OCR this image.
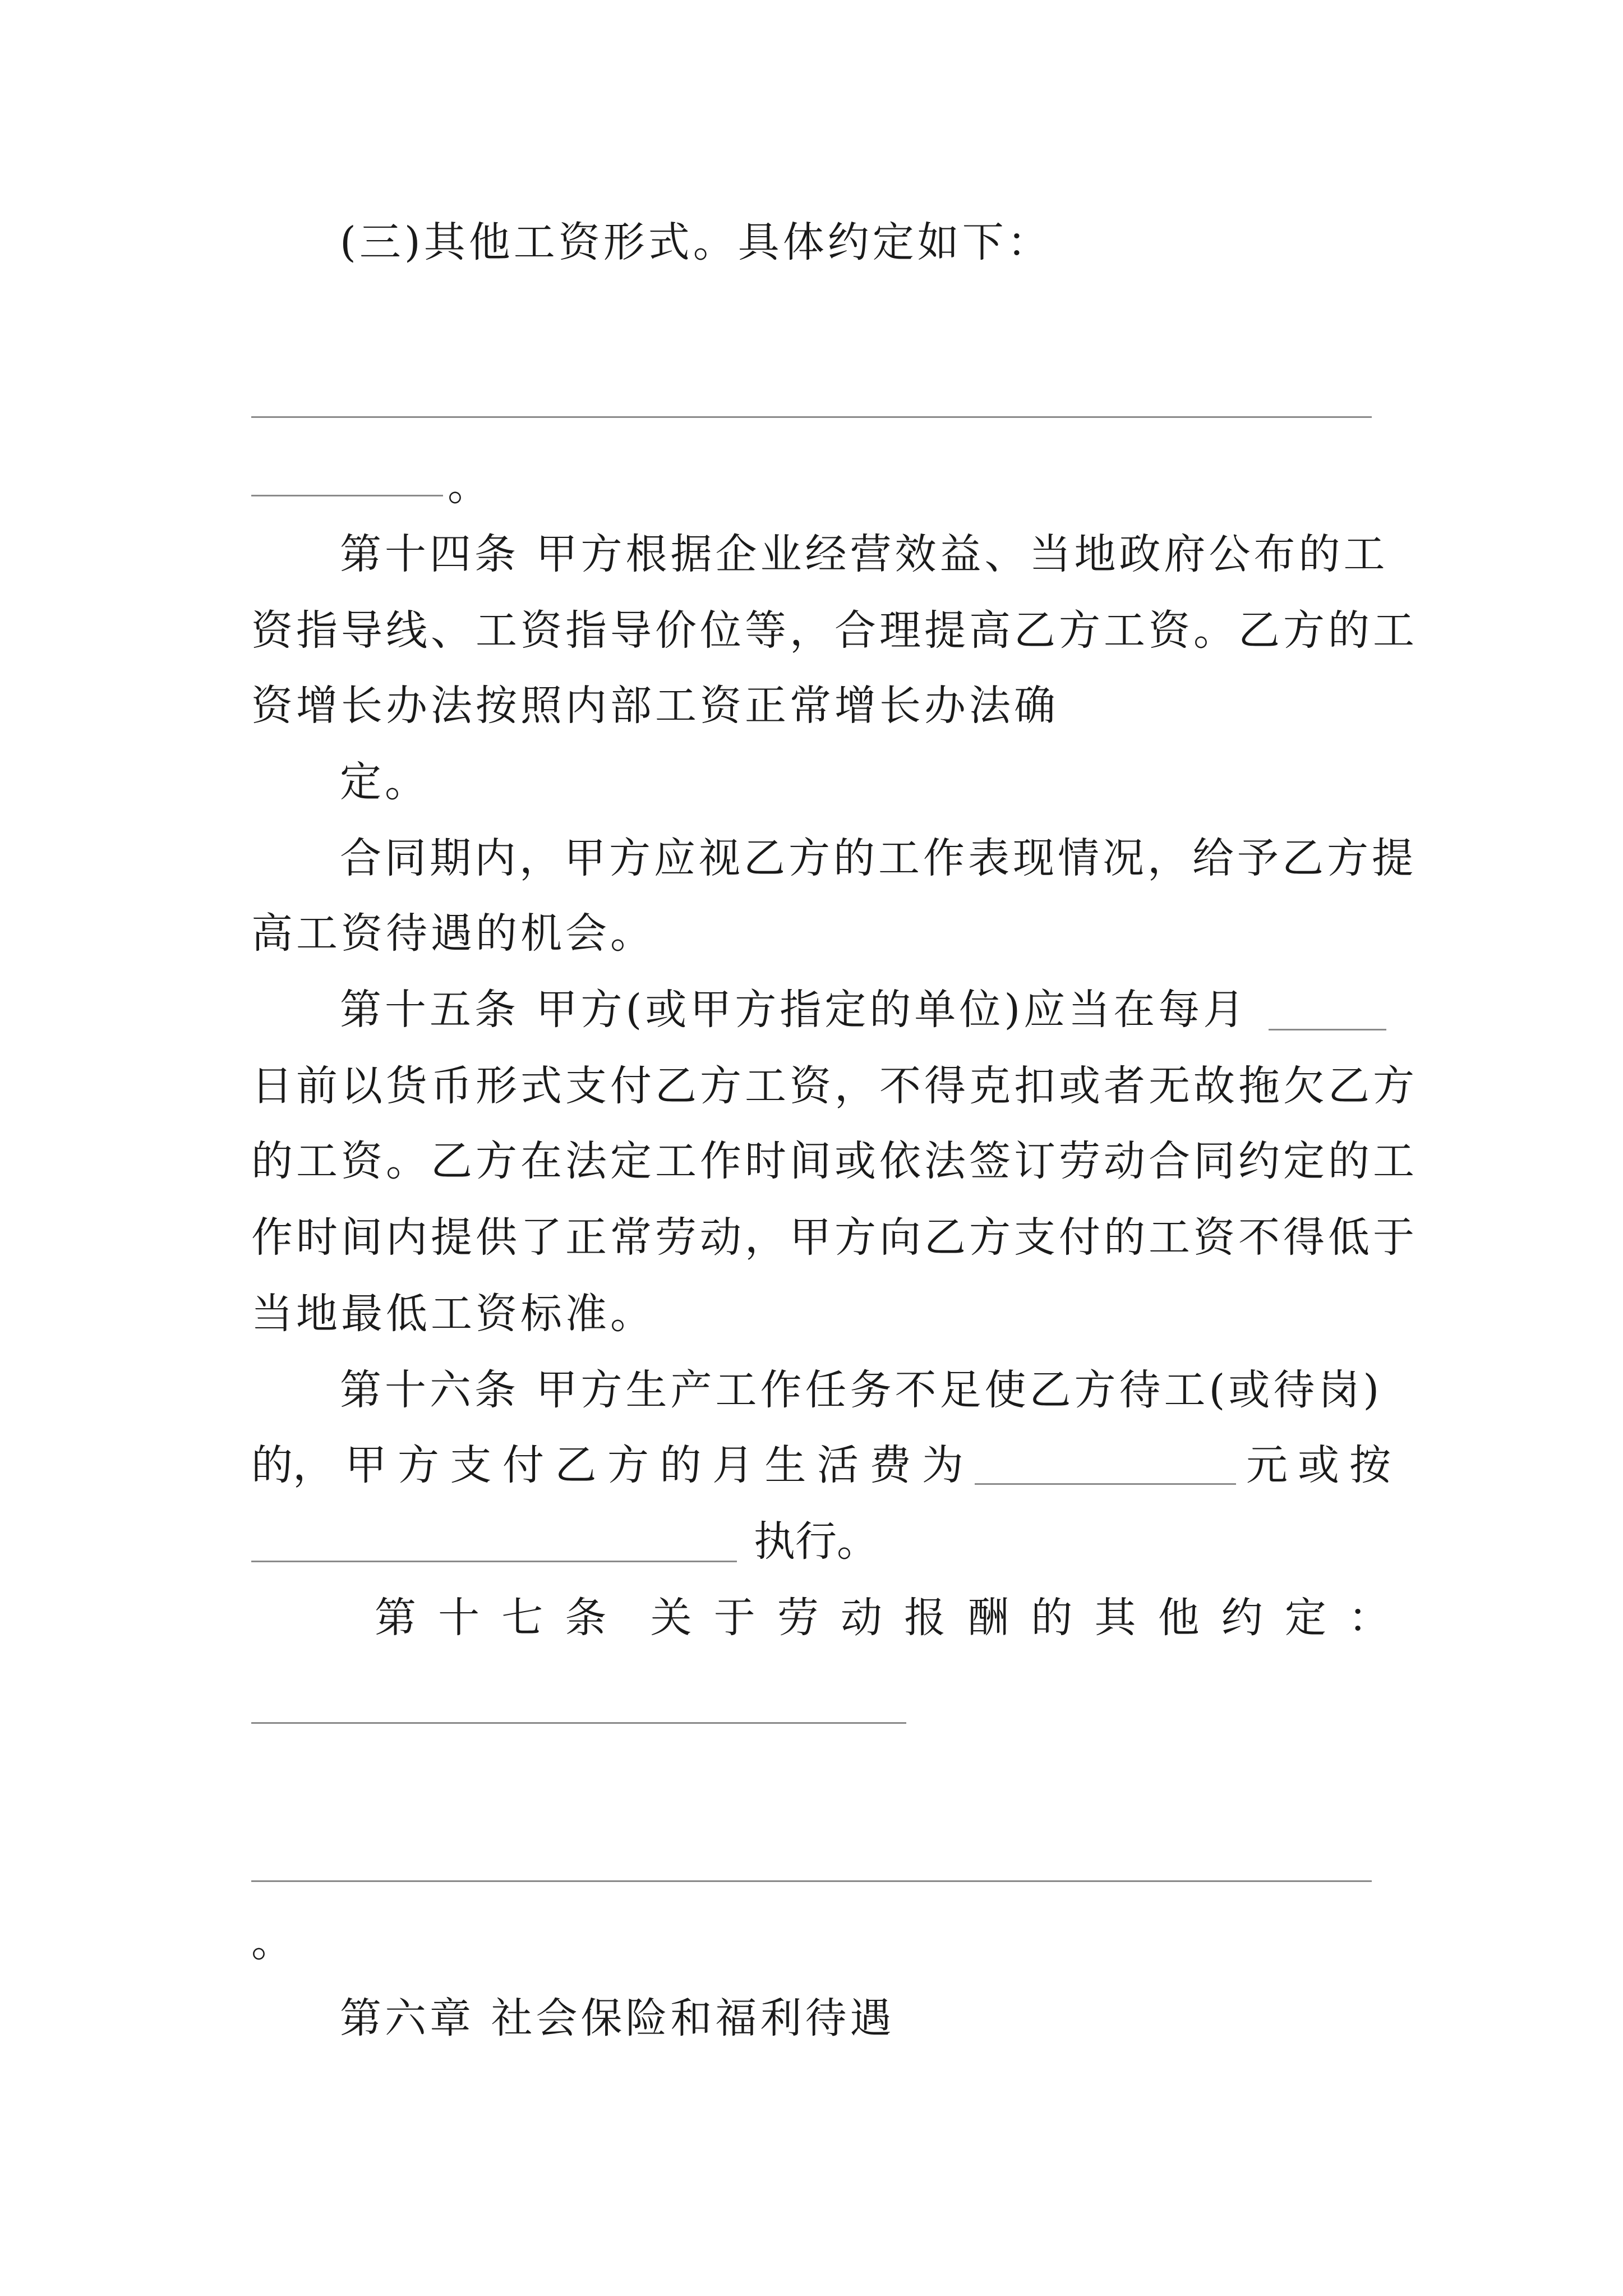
(三)其他工资形式。具体约定如下：
。
第十四条 甲方根据企业经营效益、当地政府公布的工
资指导线、工资指导价位等，合理提高乙方工资。乙方的工
资增长办法按照内部工资正常增长办法确
定。
合同期内，甲方应视乙方的工作表现情况，给予乙方提
高工资待遇的机会。
第十五条 甲方(或甲方指定的单位)应当在每月
日前以货币形式支付乙方工资，不得克扣或者无故拖欠乙方
的工资。乙方在法定工作时间或依法签订劳动合同约定的工
作时间内提供了正常劳动，甲方向乙方支付的工资不得低于
当地最低工资标准。
第十六条 甲方生产工作任务不足使乙方待工(或待岗)
的， 甲 方 支 付 乙 方 的 月 生 活 费 为	元或按
执行。
第 十 七 条 关 于 劳 动 报 酬 的 其 他 约 定 ：
。
第六章 社会保险和福利待遇
